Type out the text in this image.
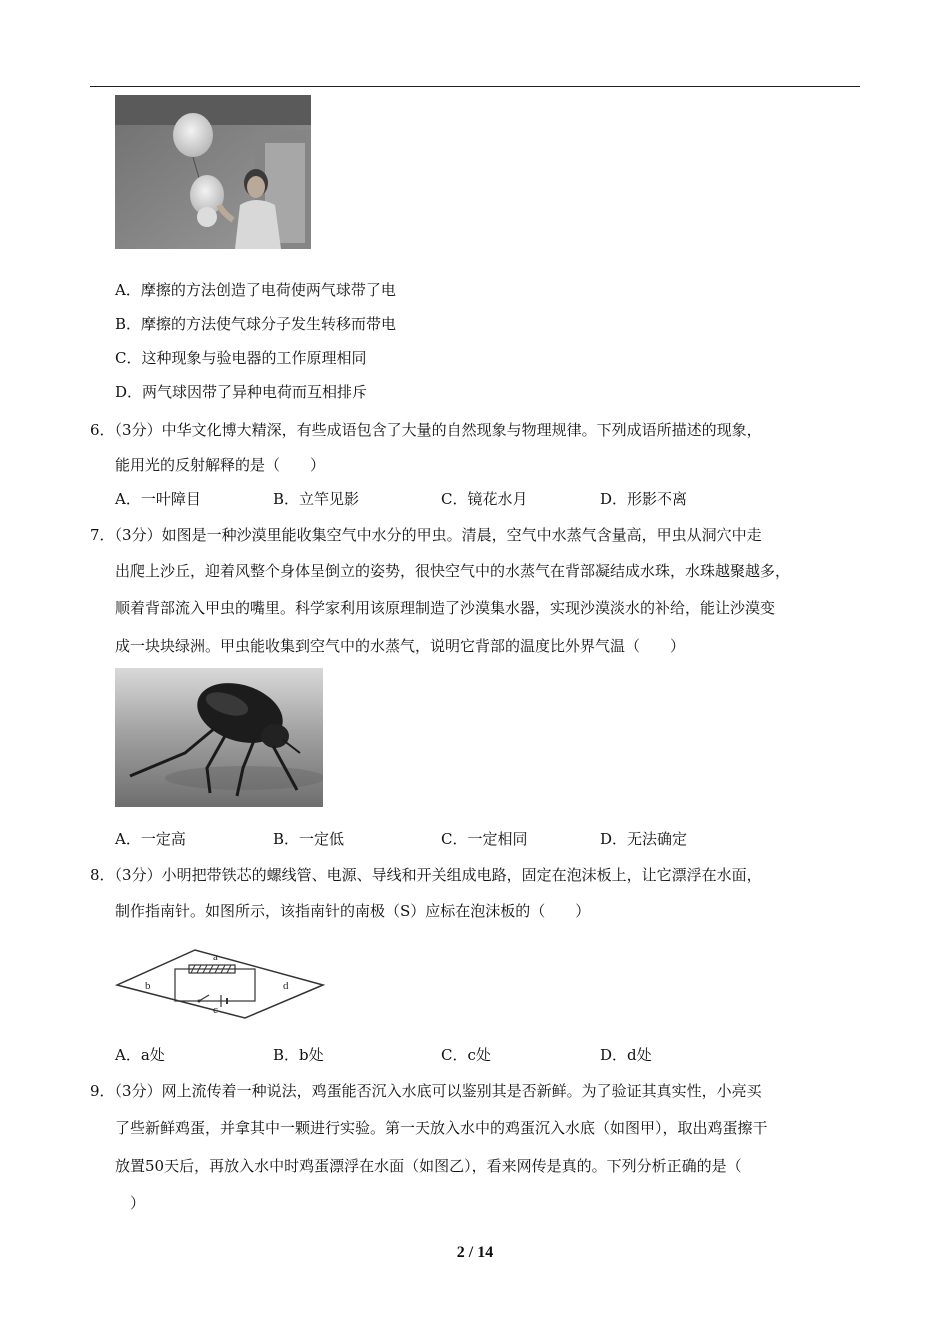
A．摩擦的方法创造了电荷使两气球带了电
B．摩擦的方法使气球分子发生转移而带电
C．这种现象与验电器的工作原理相同
D．两气球因带了异种电荷而互相排斥
6．（3分）中华文化博大精深，有些成语包含了大量的自然现象与物理规律。下列成语所描述的现象，
能用光的反射解释的是（　　）
A．一叶障目	B．立竿见影	C．镜花水月	D．形影不离
7．（3分）如图是一种沙漠里能收集空气中水分的甲虫。清晨，空气中水蒸气含量高，甲虫从洞穴中走
出爬上沙丘，迎着风整个身体呈倒立的姿势，很快空气中的水蒸气在背部凝结成水珠，水珠越聚越多，
顺着背部流入甲虫的嘴里。科学家利用该原理制造了沙漠集水器，实现沙漠淡水的补给，能让沙漠变
成一块块绿洲。甲虫能收集到空气中的水蒸气，说明它背部的温度比外界气温（　　）
A．一定高	B．一定低	C．一定相同	D．无法确定
8．（3分）小明把带铁芯的螺线管、电源、导线和开关组成电路，固定在泡沫板上，让它漂浮在水面，
制作指南针。如图所示，该指南针的南极（S）应标在泡沫板的（　　）
a
b
c
d
A．a处	B．b处	C．c处	D．d处
9．（3分）网上流传着一种说法，鸡蛋能否沉入水底可以鉴别其是否新鲜。为了验证其真实性，小亮买
了些新鲜鸡蛋，并拿其中一颗进行实验。第一天放入水中的鸡蛋沉入水底（如图甲），取出鸡蛋擦干
放置50天后，再放入水中时鸡蛋漂浮在水面（如图乙），看来网传是真的。下列分析正确的是（
）
2 / 14
